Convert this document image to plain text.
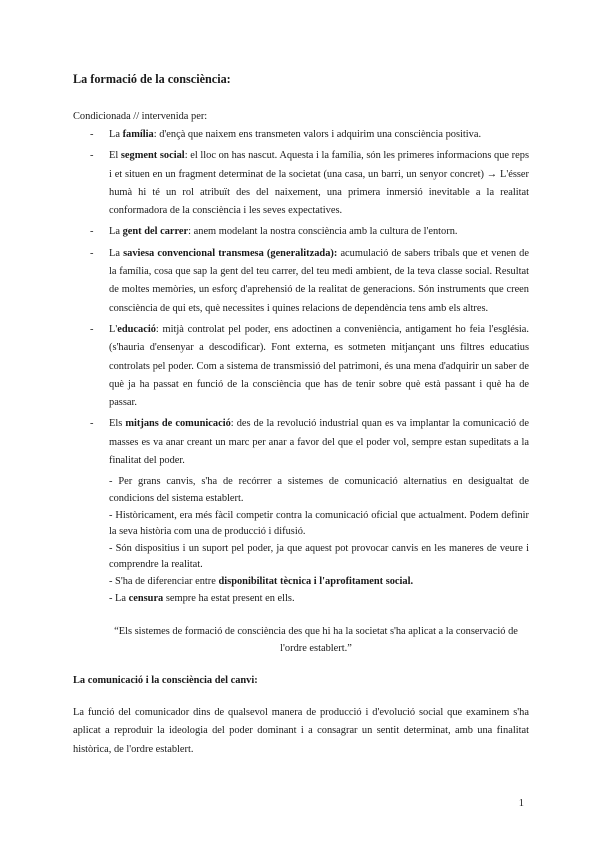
La formació de la consciència:
Condicionada // intervenida per:
- La família: d'ençà que naixem ens transmeten valors i adquirim una consciència positiva.
- El segment social: el lloc on has nascut. Aquesta i la família, són les primeres informacions que reps i et situen en un fragment determinat de la societat (una casa, un barri, un senyor concret) → L'ésser humà hi té un rol atribuït des del naixement, una primera inmersió inevitable a la realitat conformadora de la consciència i les seves expectatives.
- La gent del carrer: anem modelant la nostra consciència amb la cultura de l'entorn.
- La saviesa convencional transmesa (generalitzada): acumulació de sabers tribals que et venen de la família, cosa que sap la gent del teu carrer, del teu medi ambient, de la teva classe social. Resultat de moltes memòries, un esforç d'aprehensió de la realitat de generacions. Són instruments que creen consciència de qui ets, què necessites i quines relacions de dependència tens amb els altres.
- L'educació: mitjà controlat pel poder, ens adoctinen a conveniència, antigament ho feia l'església. (s'hauria d'ensenyar a descodificar). Font externa, es sotmeten mitjançant uns filtres educatius controlats pel poder. Com a sistema de transmissió del patrimoni, és una mena d'adquirir un saber de què ja ha passat en funció de la consciència que has de tenir sobre què està passant i què ha de passar.
- Els mitjans de comunicació: des de la revolució industrial quan es va implantar la comunicació de masses es va anar creant un marc per anar a favor del que el poder vol, sempre estan supeditats a la finalitat del poder.
- Per grans canvis, s'ha de recórrer a sistemes de comunicació alternatius en desigualtat de condicions del sistema establert.
- Històricament, era més fàcil competir contra la comunicació oficial que actualment. Podem definir la seva història com una de producció i difusió.
- Són dispositius i un suport pel poder, ja que aquest pot provocar canvis en les maneres de veure i comprendre la realitat.
- S'ha de diferenciar entre disponibilitat tècnica i l'aprofitament social.
- La censura sempre ha estat present en ells.
“Els sistemes de formació de consciència des que hi ha la societat s'ha aplicat a la conservació de l'ordre establert.”
La comunicació i la consciència del canvi:
La funció del comunicador dins de qualsevol manera de producció i d'evolució social que examinem s'ha aplicat a reproduir la ideologia del poder dominant i a consagrar un sentit determinat, amb una finalitat històrica, de l'ordre establert.
1
